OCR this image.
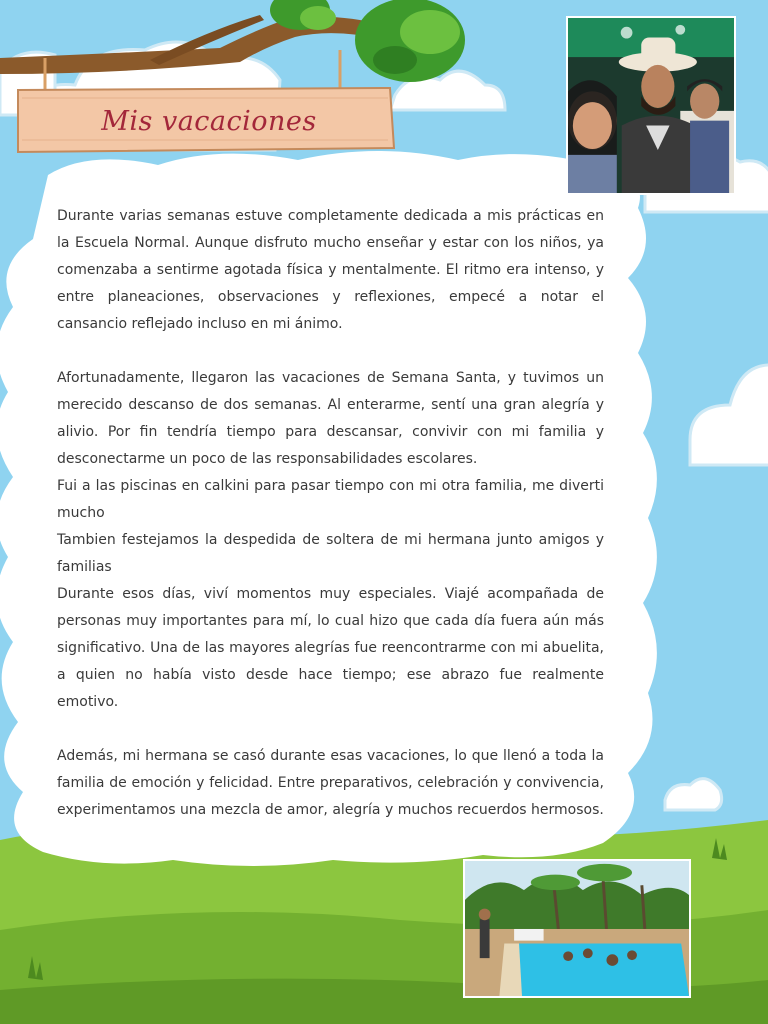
Mis vacaciones

Durante varias semanas estuve completamente dedicada a mis prácticas en la Escuela Normal. Aunque disfruto mucho enseñar y estar con los niños, ya comenzaba a sentirme agotada física y mentalmente. El ritmo era intenso, y entre planeaciones, observaciones y reflexiones, empecé a notar el cansancio reflejado incluso en mi ánimo.

Afortunadamente, llegaron las vacaciones de Semana Santa, y tuvimos un merecido descanso de dos semanas. Al enterarme, sentí una gran alegría y alivio. Por fin tendría tiempo para descansar, convivir con mi familia y desconectarme un poco de las responsabilidades escolares.

Fui a las piscinas en calkini para pasar tiempo con mi otra familia, me diverti mucho

Tambien festejamos la despedida de soltera de mi hermana junto amigos y familias

Durante esos días, viví momentos muy especiales. Viajé acompañada de personas muy importantes para mí, lo cual hizo que cada día fuera aún más significativo. Una de las mayores alegrías fue reencontrarme con mi abuelita, a quien no había visto desde hace tiempo; ese abrazo fue realmente emotivo.

Además, mi hermana se casó durante esas vacaciones, lo que llenó a toda la familia de emoción y felicidad. Entre preparativos, celebración y convivencia, experimentamos una mezcla de amor, alegría y muchos recuerdos hermosos.
